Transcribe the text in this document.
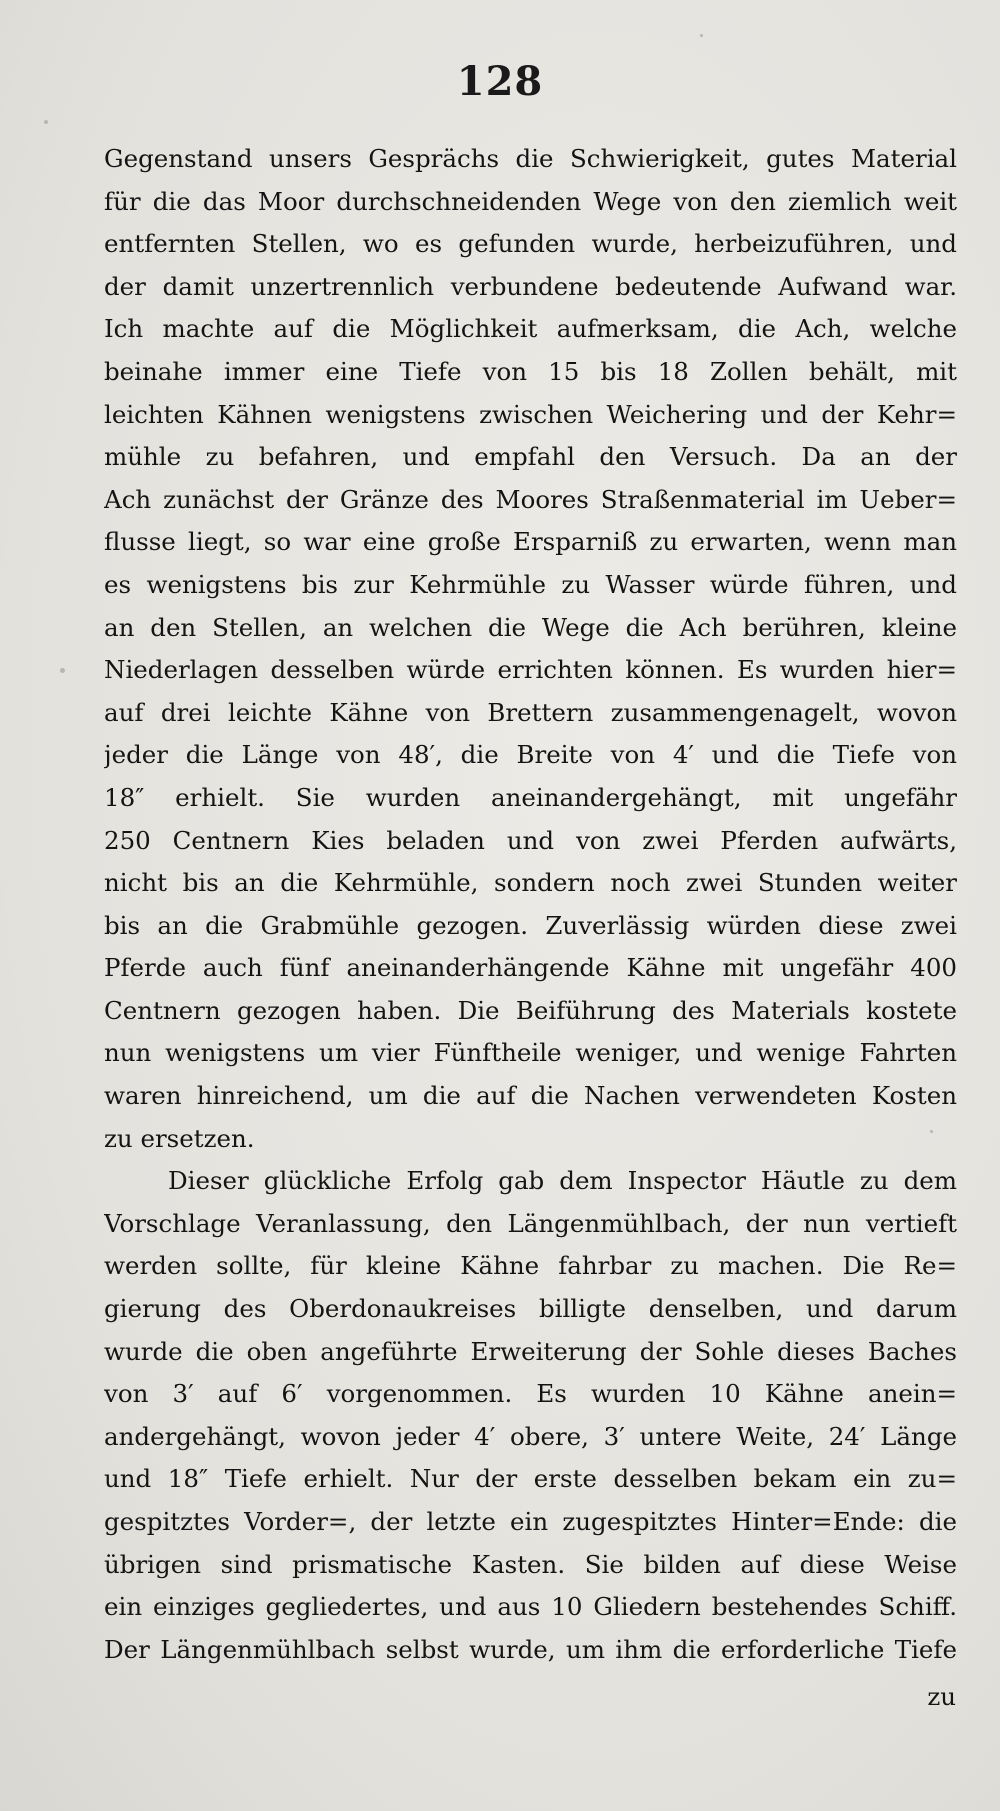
128
Gegenstand unsers Gesprächs die Schwierigkeit, gutes Material
für die das Moor durchschneidenden Wege von den ziemlich weit
entfernten Stellen, wo es gefunden wurde, herbeizuführen, und
der damit unzertrennlich verbundene bedeutende Aufwand war.
Ich machte auf die Möglichkeit aufmerksam, die Ach, welche
beinahe immer eine Tiefe von 15 bis 18 Zollen behält, mit
leichten Kähnen wenigstens zwischen Weichering und der Kehr=
mühle zu befahren, und empfahl den Versuch. Da an der
Ach zunächst der Gränze des Moores Straßenmaterial im Ueber=
flusse liegt, so war eine große Ersparniß zu erwarten, wenn man
es wenigstens bis zur Kehrmühle zu Wasser würde führen, und
an den Stellen, an welchen die Wege die Ach berühren, kleine
Niederlagen desselben würde errichten können. Es wurden hier=
auf drei leichte Kähne von Brettern zusammengenagelt, wovon
jeder die Länge von 48′, die Breite von 4′ und die Tiefe von
18″ erhielt. Sie wurden aneinandergehängt, mit ungefähr
250 Centnern Kies beladen und von zwei Pferden aufwärts,
nicht bis an die Kehrmühle, sondern noch zwei Stunden weiter
bis an die Grabmühle gezogen. Zuverlässig würden diese zwei
Pferde auch fünf aneinanderhängende Kähne mit ungefähr 400
Centnern gezogen haben. Die Beiführung des Materials kostete
nun wenigstens um vier Fünftheile weniger, und wenige Fahrten
waren hinreichend, um die auf die Nachen verwendeten Kosten
zu ersetzen.
Dieser glückliche Erfolg gab dem Inspector Häutle zu dem
Vorschlage Veranlassung, den Längenmühlbach, der nun vertieft
werden sollte, für kleine Kähne fahrbar zu machen. Die Re=
gierung des Oberdonaukreises billigte denselben, und darum
wurde die oben angeführte Erweiterung der Sohle dieses Baches
von 3′ auf 6′ vorgenommen. Es wurden 10 Kähne anein=
andergehängt, wovon jeder 4′ obere, 3′ untere Weite, 24′ Länge
und 18″ Tiefe erhielt. Nur der erste desselben bekam ein zu=
gespitztes Vorder=, der letzte ein zugespitztes Hinter=Ende: die
übrigen sind prismatische Kasten. Sie bilden auf diese Weise
ein einziges gegliedertes, und aus 10 Gliedern bestehendes Schiff.
Der Längenmühlbach selbst wurde, um ihm die erforderliche Tiefe
zu
